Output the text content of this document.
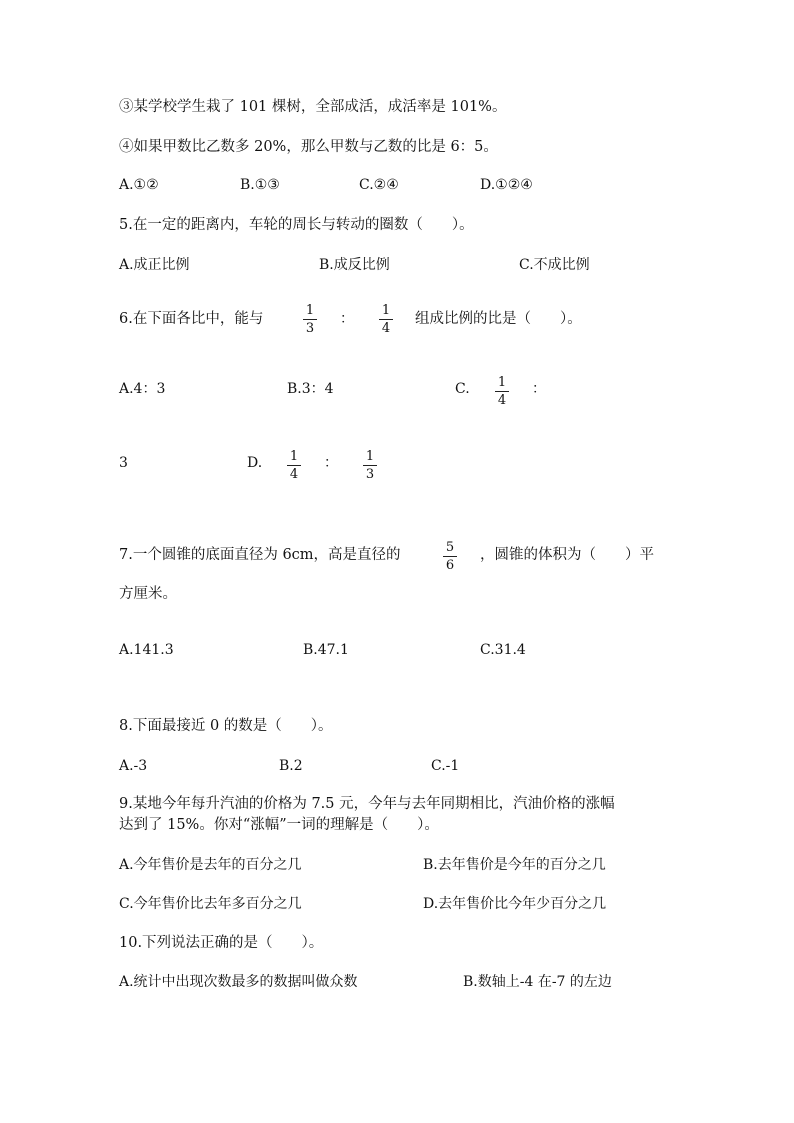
③某学校学生栽了 101 棵树，全部成活，成活率是 101%。
④如果甲数比乙数多 20%，那么甲数与乙数的比是 6：5。
A.①②	B.①③	C.②④	D.①②④
5.在一定的距离内，车轮的周长与转动的圈数（　　）。
A.成正比例	B.成反比例	C.不成比例
6.在下面各比中，能与
1
3
：
1
4
组成比例的比是（　　）。
A.4：3	B.3：4	C. 1
4
：
3	D. 1
4
： 1
3
7.一个圆锥的底面直径为 6cm，高是直径的	5
6
，圆锥的体积为（　　）平
方厘米。
A.141.3	B.47.1	C.31.4
8.下面最接近 0 的数是（　　）。
A.-3	B.2	C.-1
9.某地今年每升汽油的价格为 7.5 元，今年与去年同期相比，汽油价格的涨幅
达到了 15%。你对“涨幅”一词的理解是（　　）。
A.今年售价是去年的百分之几	B.去年售价是今年的百分之几
C.今年售价比去年多百分之几	D.去年售价比今年少百分之几
10.下列说法正确的是（　　）。
A.统计中出现次数最多的数据叫做众数	B.数轴上-4 在-7 的左边
